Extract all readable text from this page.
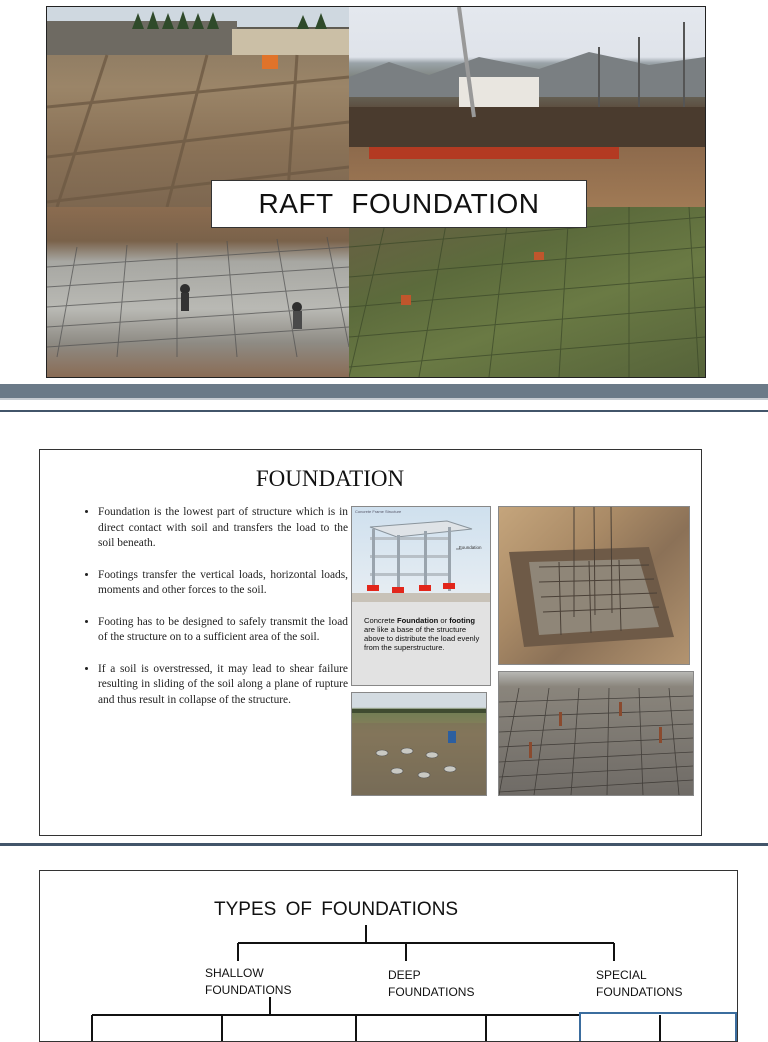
RAFT FOUNDATION
FOUNDATION
• Foundation is the lowest part of structure which is in direct contact with soil and transfers the load to the soil beneath.
• Footings transfer the vertical loads, horizontal loads, moments and other forces to the soil.
• Footing has to be designed to safely transmit the load of the structure on to a sufficient area of the soil.
• If a soil is overstressed, it may lead to shear failure resulting in sliding of the soil along a plane of rupture and thus result in collapse of the structure.
Concrete Frame Structure
Foundation
Concrete Foundation or footing are like a base of the structure above to distribute the load evenly from the superstructure.
TYPES OF FOUNDATIONS
SHALLOW
FOUNDATIONS
DEEP
FOUNDATIONS
SPECIAL
FOUNDATIONS
